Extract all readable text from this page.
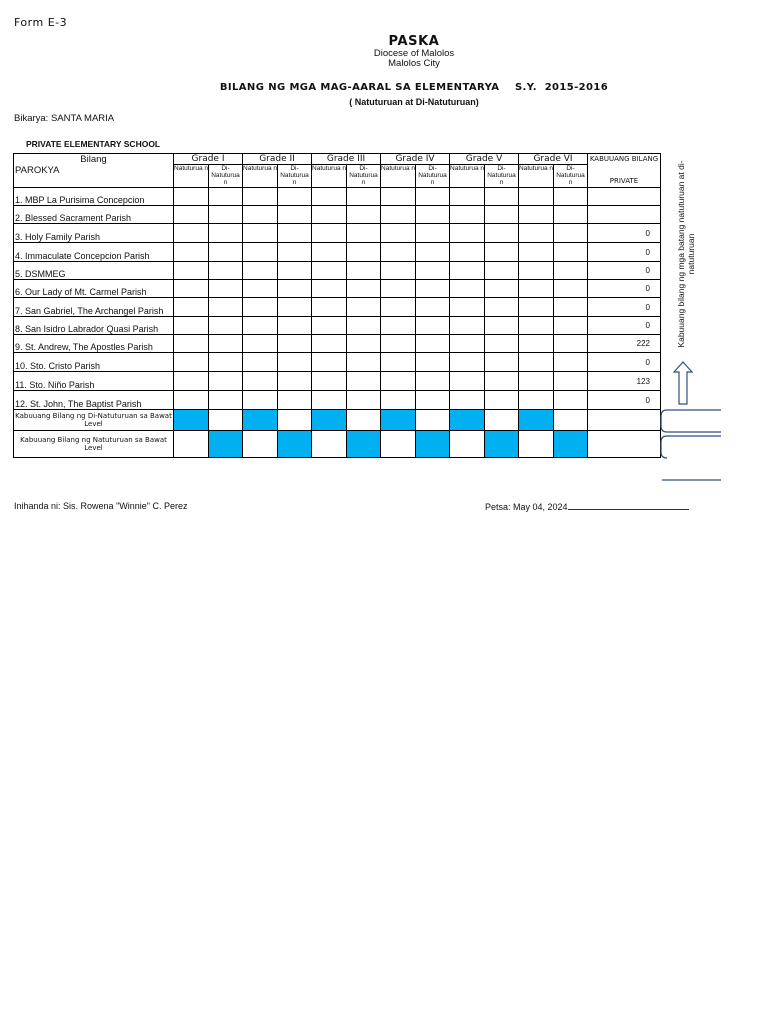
Form E-3
PASKA
Diocese of Malolos
Malolos City
BILANG NG MGA MAG-AARAL SA ELEMENTARYA    S.Y.  2015-2016
( Natuturuan at Di-Natuturuan)
Bikarya: SANTA MARIA
PRIVATE ELEMENTARY SCHOOL
Bilang
PAROKYA	Grade I		Grade II		Grade III		Grade IV		Grade V		Grade VI		KABUUANG BILANG
PRIVATE

	Natuturua n	Di- Natuturua n	Natuturua n	Di- Natuturua n	Natuturua n	Di- Natuturua n	Natuturua n	Di- Natuturua n	Natuturua n	Di- Natuturua n	Natuturua n	Di- Natuturua n	
1. MBP La Purisima Concepcion													
2. Blessed Sacrament Parish													
3. Holy Family Parish													0
4. Immaculate Concepcion Parish													0
5. DSMMEG													0
6. Our Lady of Mt. Carmel Parish													0
7. San Gabriel, The Archangel Parish													0
8. San Isidro Labrador Quasi Parish													0
9. St. Andrew, The Apostles Parish													222
10. Sto. Cristo Parish													0
11. Sto. Niño Parish													123
12. St. John, The Baptist Parish													0
Kabuuang Bilang ng Di-Natuturuan sa Bawat Level													
Kabuuang Bilang ng Natuturuan sa Bawat Level													
Kabuuang bilang ng mga batang natuturuan at di-natuturuan
Inihanda ni: Sis. Rowena "Winnie" C. Perez	Petsa: May 04, 2024
